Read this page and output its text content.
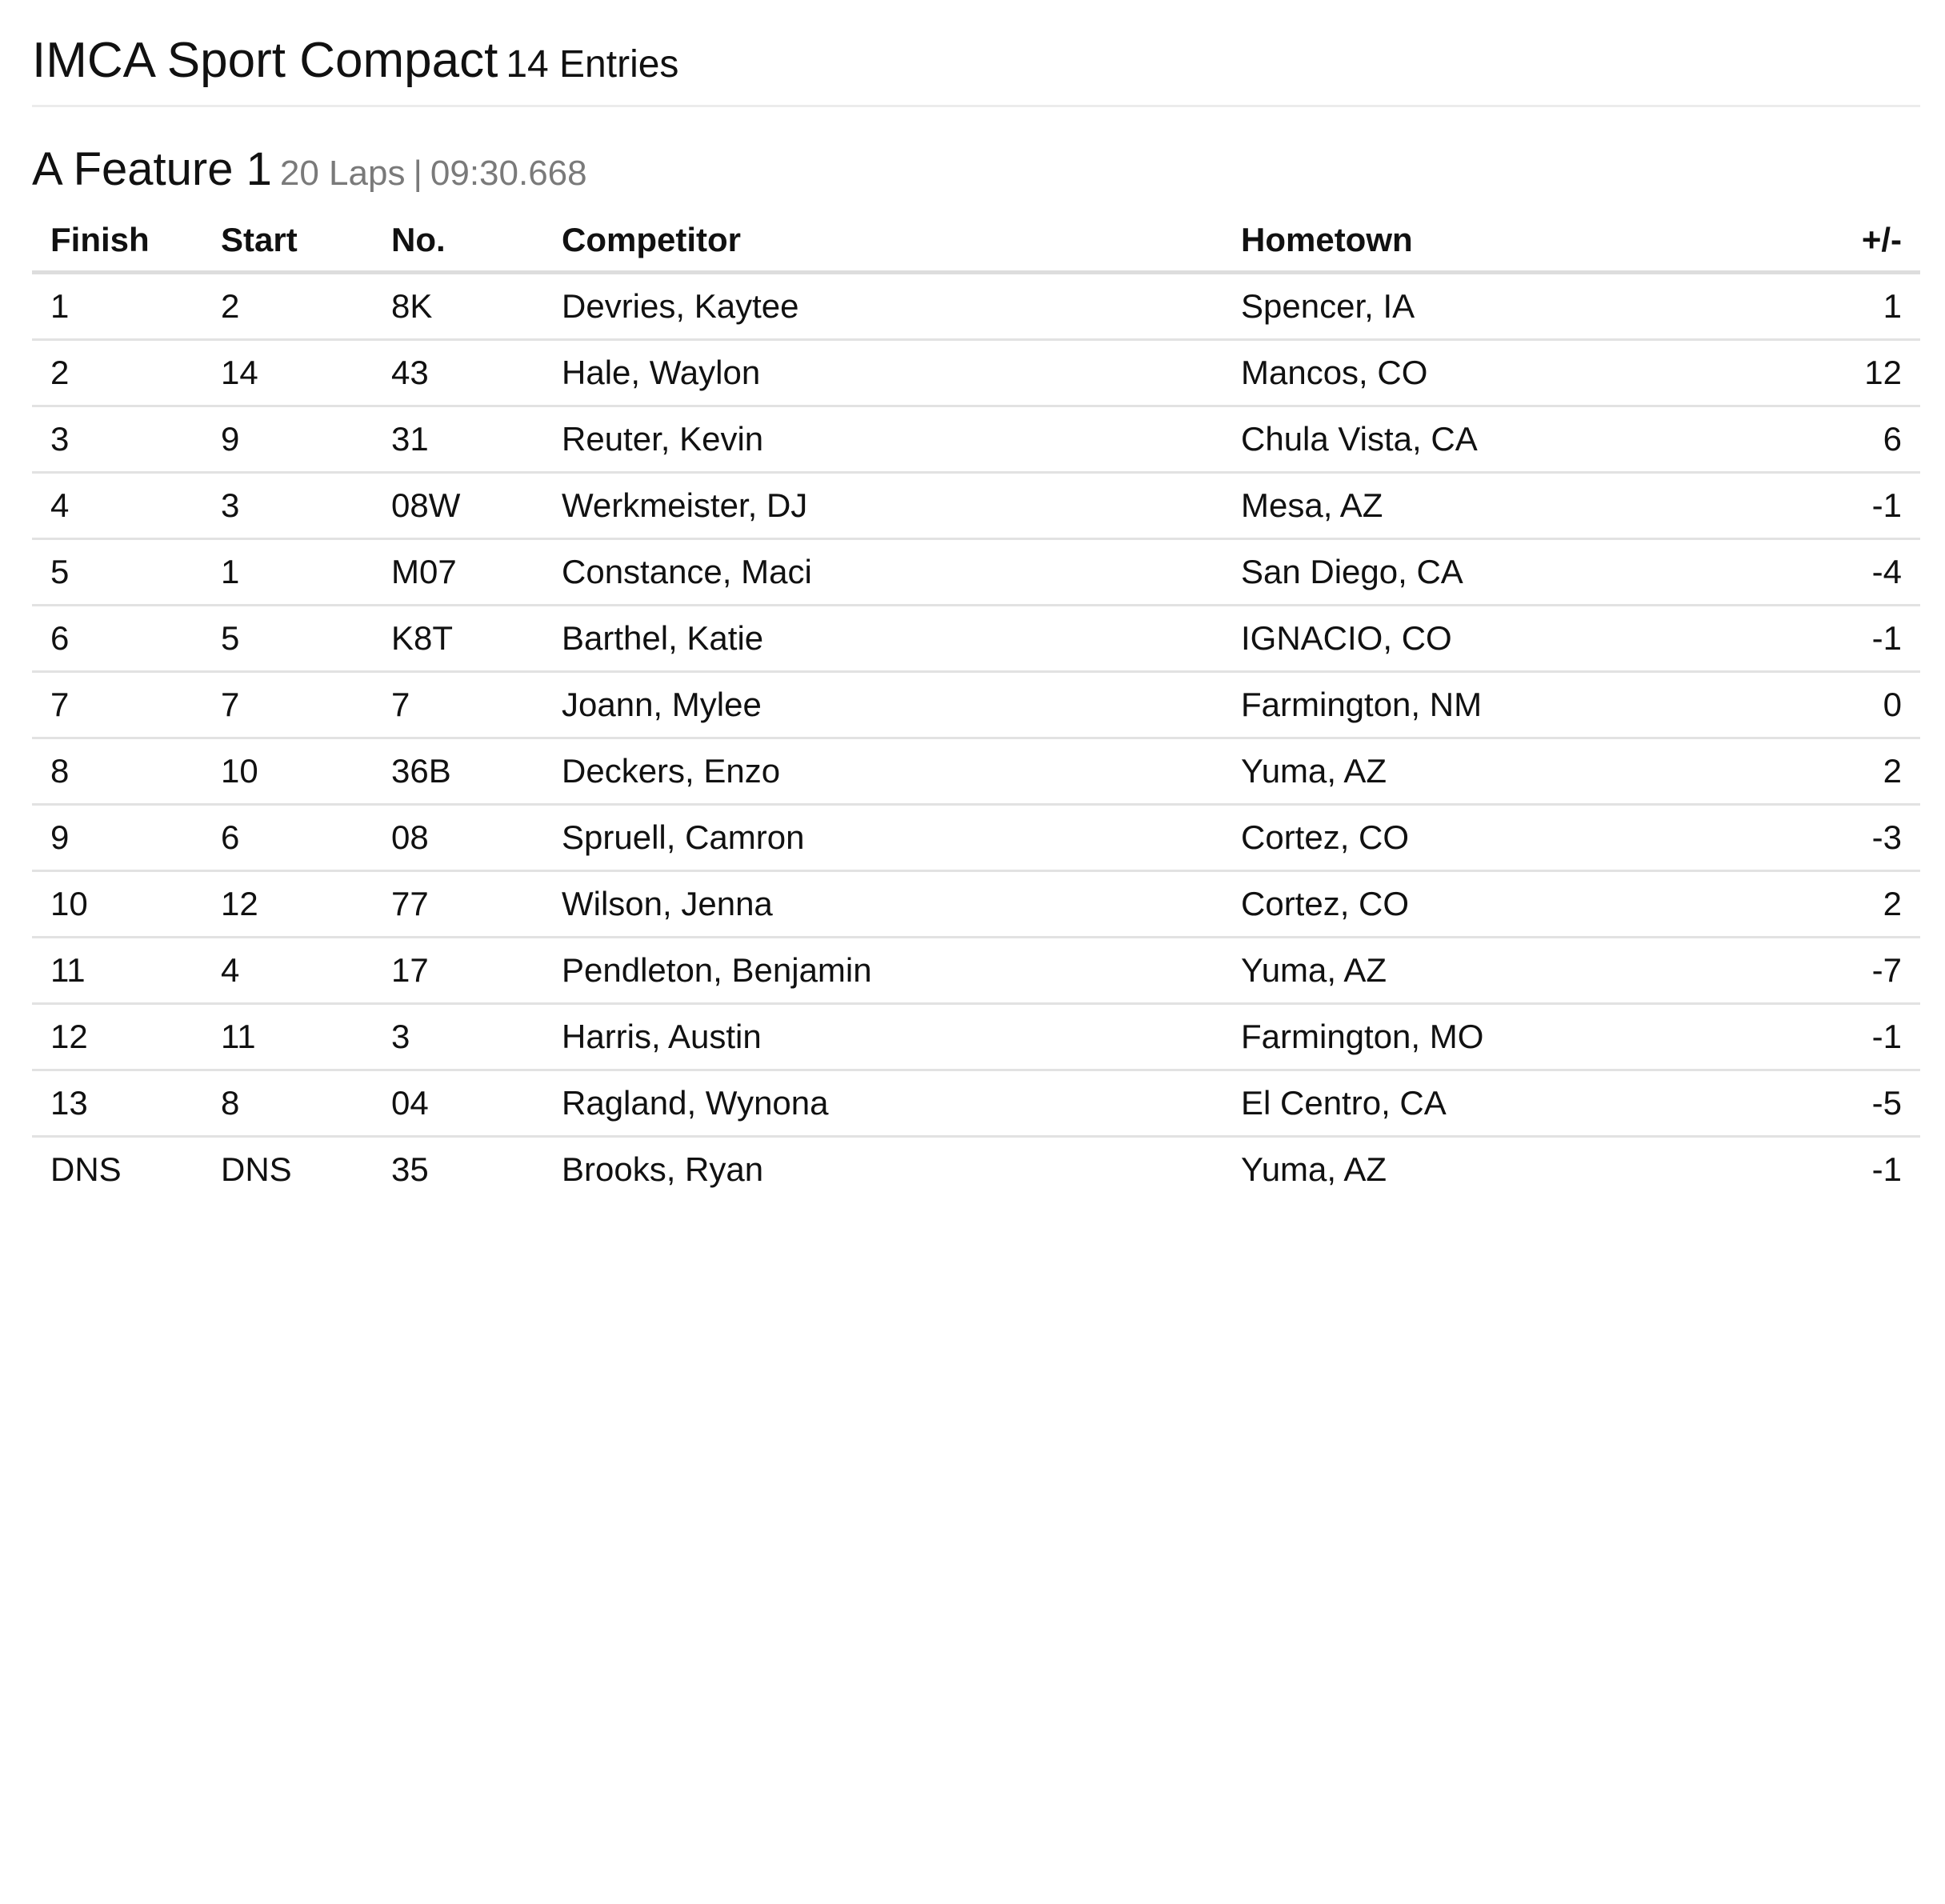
IMCA Sport Compact 14 Entries
A Feature 1 20 Laps | 09:30.668
Finish	Start	No.	Competitor	Hometown	+/-
1	2	8K	Devries, Kaytee	Spencer, IA	1
2	14	43	Hale, Waylon	Mancos, CO	12
3	9	31	Reuter, Kevin	Chula Vista, CA	6
4	3	08W	Werkmeister, DJ	Mesa, AZ	-1
5	1	M07	Constance, Maci	San Diego, CA	-4
6	5	K8T	Barthel, Katie	IGNACIO, CO	-1
7	7	7	Joann, Mylee	Farmington, NM	0
8	10	36B	Deckers, Enzo	Yuma, AZ	2
9	6	08	Spruell, Camron	Cortez, CO	-3
10	12	77	Wilson, Jenna	Cortez, CO	2
11	4	17	Pendleton, Benjamin	Yuma, AZ	-7
12	11	3	Harris, Austin	Farmington, MO	-1
13	8	04	Ragland, Wynona	El Centro, CA	-5
DNS	DNS	35	Brooks, Ryan	Yuma, AZ	-1
